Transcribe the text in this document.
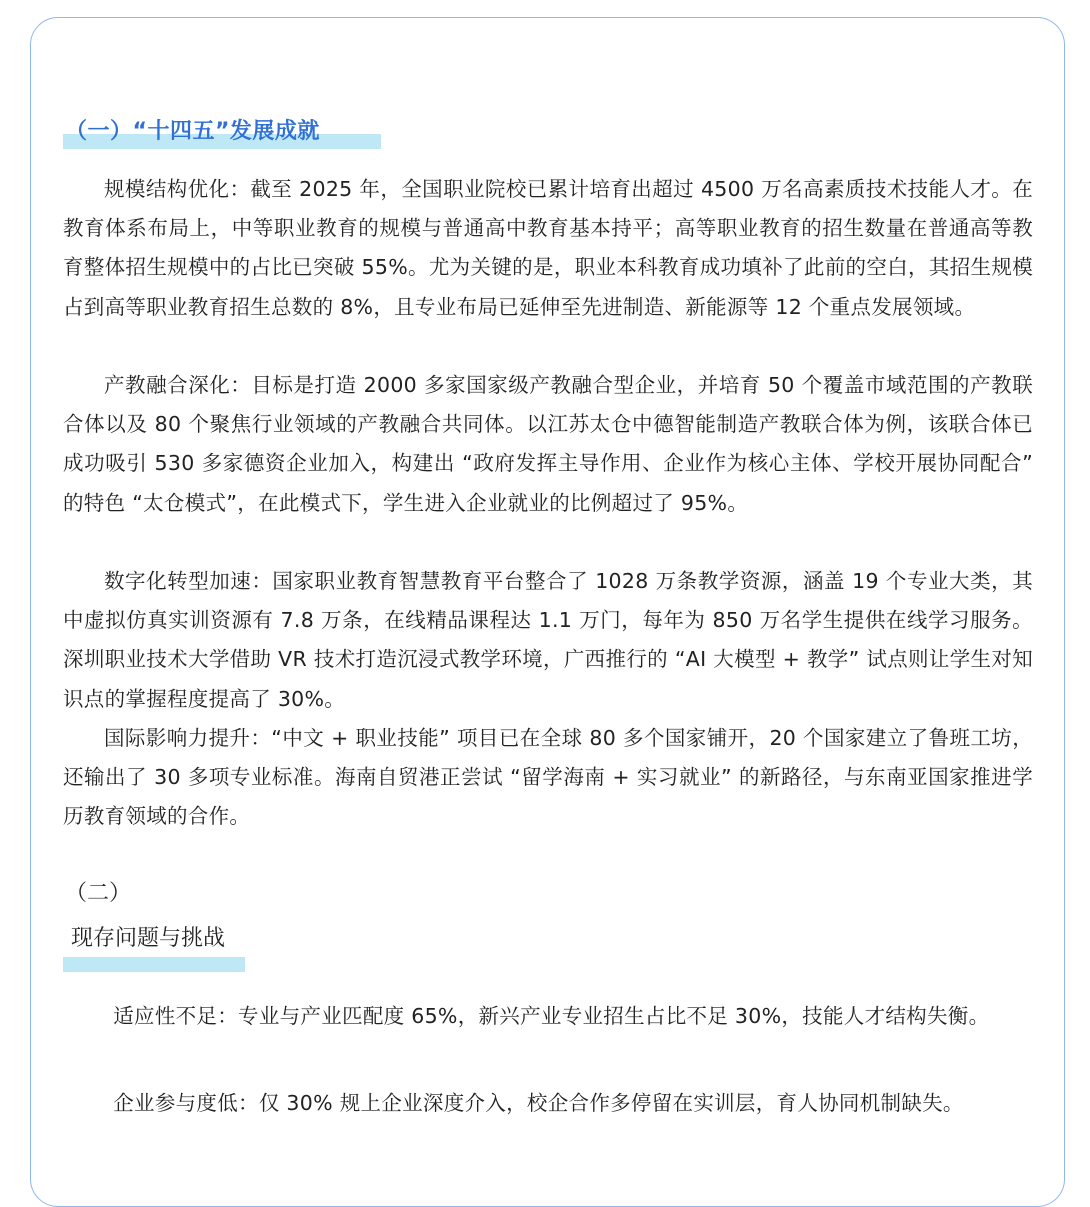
（一）“十四五”发展成就

规模结构优化：截至 2025 年，全国职业院校已累计培育出超过 4500 万名高素质技术技能人才。在教育体系布局上，中等职业教育的规模与普通高中教育基本持平；高等职业教育的招生数量在普通高等教育整体招生规模中的占比已突破 55%。尤为关键的是，职业本科教育成功填补了此前的空白，其招生规模占到高等职业教育招生总数的 8%，且专业布局已延伸至先进制造、新能源等 12 个重点发展领域。

产教融合深化：目标是打造 2000 多家国家级产教融合型企业，并培育 50 个覆盖市域范围的产教联合体以及 80 个聚焦行业领域的产教融合共同体。以江苏太仓中德智能制造产教联合体为例，该联合体已成功吸引 530 多家德资企业加入，构建出 “政府发挥主导作用、企业作为核心主体、学校开展协同配合” 的特色 “太仓模式”，在此模式下，学生进入企业就业的比例超过了 95%。

数字化转型加速：国家职业教育智慧教育平台整合了 1028 万条教学资源，涵盖 19 个专业大类，其中虚拟仿真实训资源有 7.8 万条，在线精品课程达 1.1 万门，每年为 850 万名学生提供在线学习服务。深圳职业技术大学借助 VR 技术打造沉浸式教学环境，广西推行的 “AI 大模型 + 教学” 试点则让学生对知识点的掌握程度提高了 30%。

国际影响力提升：“中文 + 职业技能” 项目已在全球 80 多个国家铺开，20 个国家建立了鲁班工坊，还输出了 30 多项专业标准。海南自贸港正尝试 “留学海南 + 实习就业” 的新路径，与东南亚国家推进学历教育领域的合作。

（二）
现存问题与挑战

适应性不足：专业与产业匹配度 65%，新兴产业专业招生占比不足 30%，技能人才结构失衡。

企业参与度低：仅 30% 规上企业深度介入，校企合作多停留在实训层，育人协同机制缺失。
